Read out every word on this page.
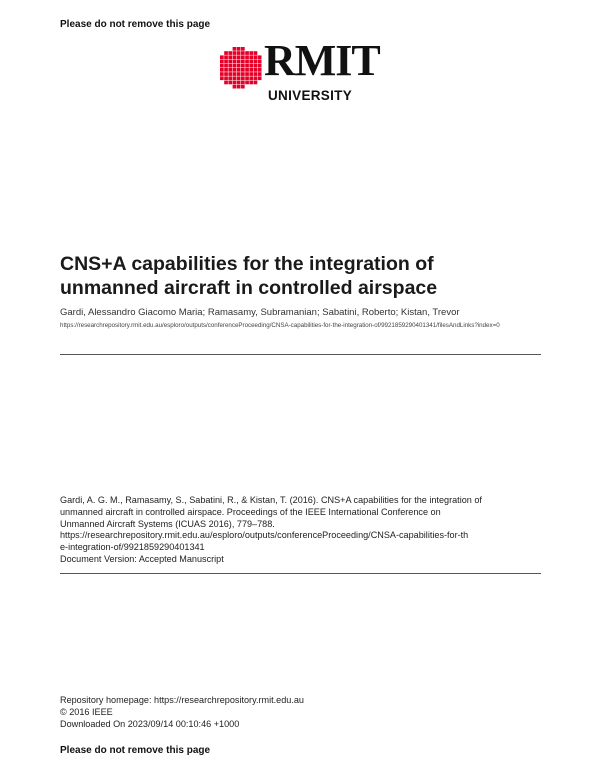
Please do not remove this page
RMIT
UNIVERSITY
CNS+A capabilities for the integration of unmanned aircraft in controlled airspace
Gardi, Alessandro Giacomo Maria; Ramasamy, Subramanian; Sabatini, Roberto; Kistan, Trevor
https://researchrepository.rmit.edu.au/esploro/outputs/conferenceProceeding/CNSA-capabilities-for-the-integration-of/9921859290401341/filesAndLinks?index=0
Gardi, A. G. M., Ramasamy, S., Sabatini, R., & Kistan, T. (2016). CNS+A capabilities for the integration of
unmanned aircraft in controlled airspace. Proceedings of the IEEE International Conference on
Unmanned Aircraft Systems (ICUAS 2016), 779–788.
https://researchrepository.rmit.edu.au/esploro/outputs/conferenceProceeding/CNSA-capabilities-for-th
e-integration-of/9921859290401341
Document Version: Accepted Manuscript
Repository homepage: https://researchrepository.rmit.edu.au
© 2016 IEEE
Downloaded On 2023/09/14 00:10:46 +1000
Please do not remove this page
